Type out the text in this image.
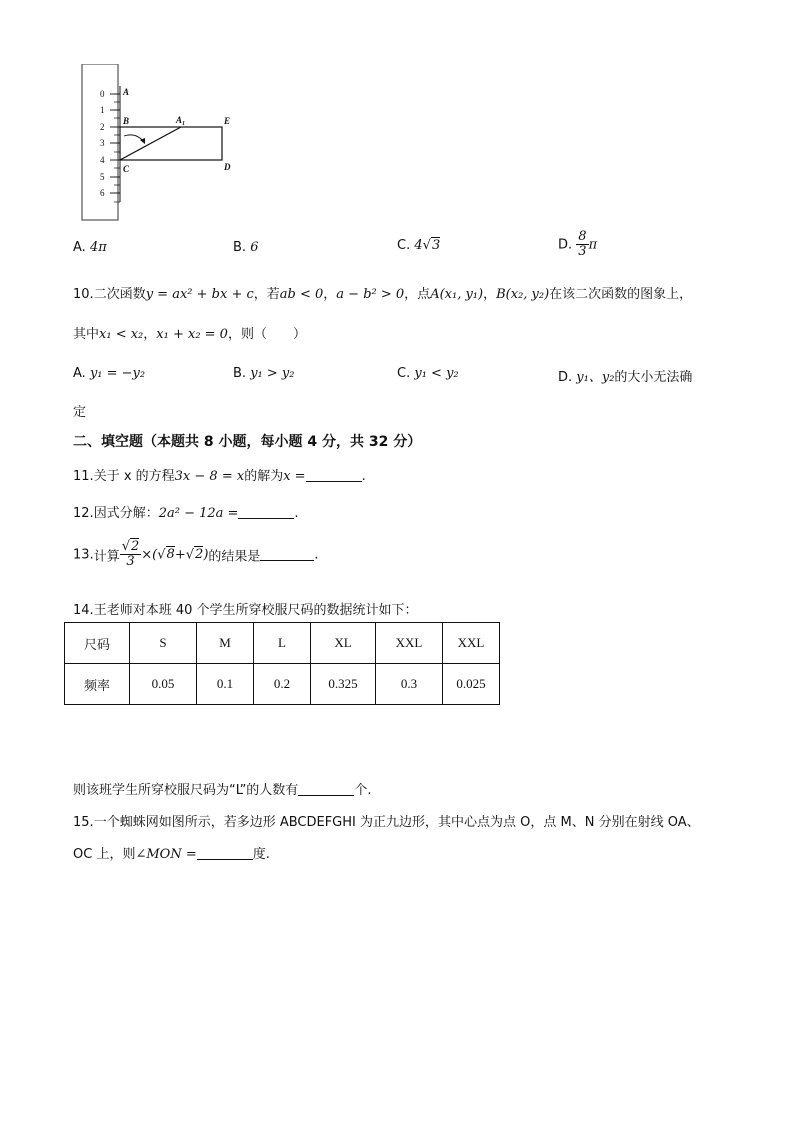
0
1
2
3
4
5
6
A
B
C
$A_1$	E
D
A. 4π	B. 6	C. 4√3	D. $\frac{8}{3}$ π
10.二次函数y = ax² + bx + c，若ab < 0，a − b² > 0，点A(x₁, y₁)，B(x₂, y₂)在该二次函数的图象上，
其中x₁ < x₂，x₁ + x₂ = 0，则（　　）
A. y₁ = −y₂	B. y₁ > y₂	C. y₁ < y₂	D. y₁、y₂的大小无法确
定
二、填空题（本题共 8 小题，每小题 4 分，共 32 分）
11.关于 x 的方程3x − 8 = x的解为x =	.
12.因式分解：2a² − 12a =	.
13.计算 $\frac{√2}{3} \times(√8+√2)$的结果是	.
14.王老师对本班 40 个学生所穿校服尺码的数据统计如下：
尺码	S	M	L	XL	XXL	XXL
频率	0.05	0.1	0.2	0.325	0.3	0.025
则该班学生所穿校服尺码为“L”的人数有	个.
15.一个蜘蛛网如图所示，若多边形 ABCDEFGHI 为正九边形，其中心点为点 O，点 M、N 分别在射线 OA、
OC 上，则∠MON =	度.
